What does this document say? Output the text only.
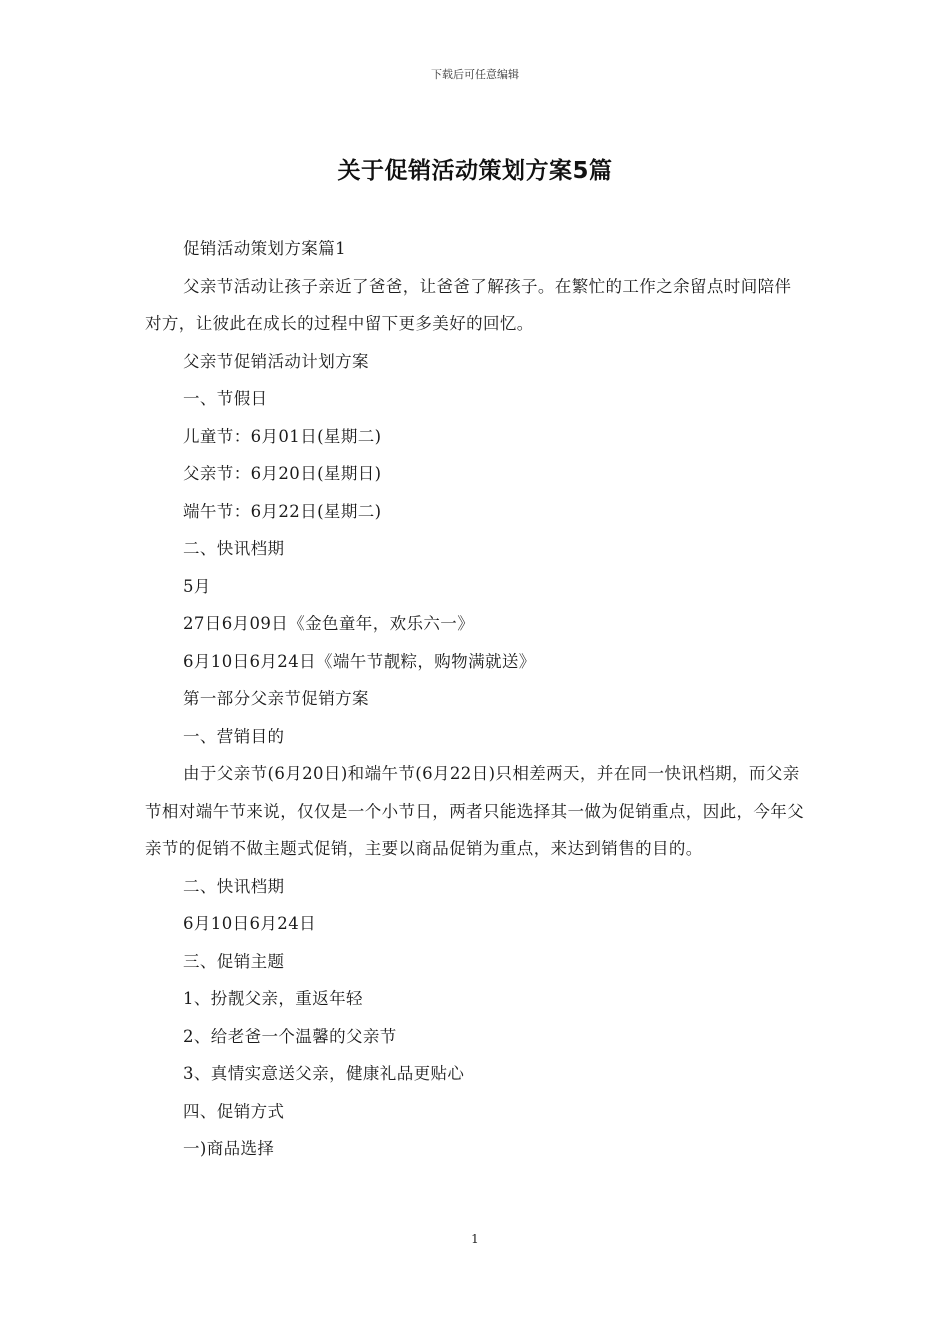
下载后可任意编辑
关于促销活动策划方案5篇

促销活动策划方案篇1

父亲节活动让孩子亲近了爸爸，让爸爸了解孩子。在繁忙的工作之余留点时间陪伴对方，让彼此在成长的过程中留下更多美好的回忆。

父亲节促销活动计划方案

一、节假日

儿童节：6月01日(星期二)

父亲节：6月20日(星期日)

端午节：6月22日(星期二)

二、快讯档期

5月

27日6月09日《金色童年，欢乐六一》

6月10日6月24日《端午节靓粽，购物满就送》

第一部分父亲节促销方案

一、营销目的

由于父亲节(6月20日)和端午节(6月22日)只相差两天，并在同一快讯档期，而父亲节相对端午节来说，仅仅是一个小节日，两者只能选择其一做为促销重点，因此，今年父亲节的促销不做主题式促销，主要以商品促销为重点，来达到销售的目的。

二、快讯档期

6月10日6月24日

三、促销主题

1、扮靓父亲，重返年轻

2、给老爸一个温馨的父亲节

3、真情实意送父亲，健康礼品更贴心

四、促销方式

一)商品选择

1
